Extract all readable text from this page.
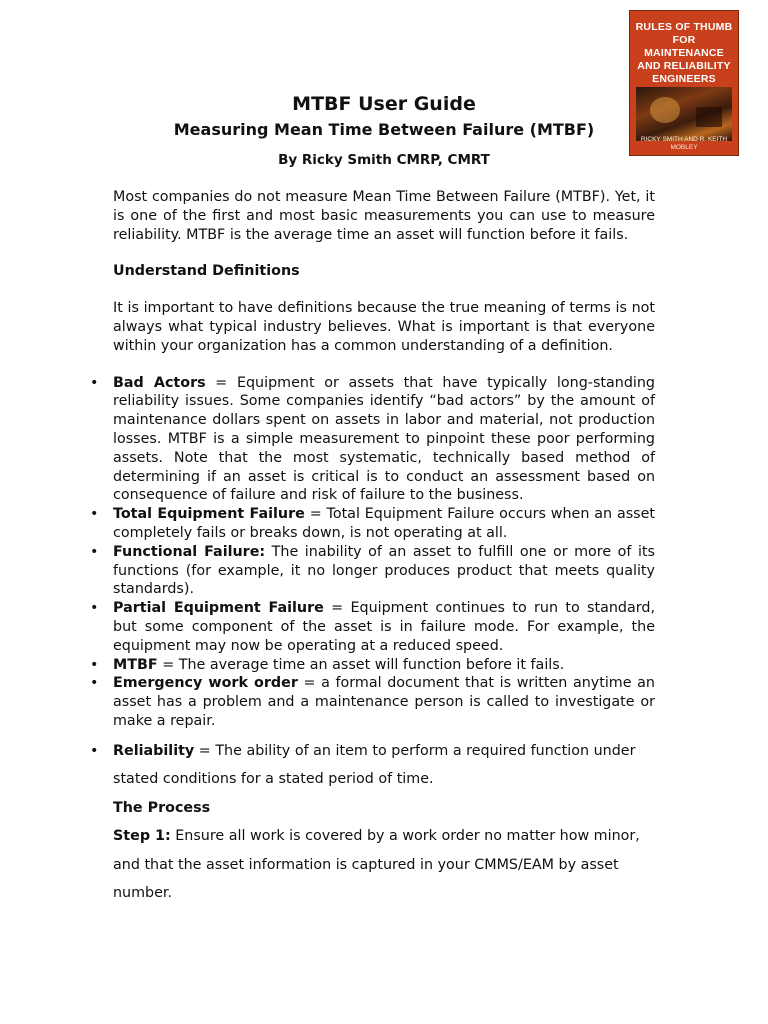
RULES OF THUMB FOR MAINTENANCE AND RELIABILITY ENGINEERS
RICKY SMITH AND R. KEITH MOBLEY
MTBF User Guide
Measuring Mean Time Between Failure (MTBF)
By Ricky Smith CMRP, CMRT

Most companies do not measure Mean Time Between Failure (MTBF). Yet, it is one of the first and most basic measurements you can use to measure reliability. MTBF is the average time an asset will function before it fails.

Understand Definitions

It is important to have definitions because the true meaning of terms is not always what typical industry believes. What is important is that everyone within your organization has a common understanding of a definition.

• Bad Actors = Equipment or assets that have typically long-standing reliability issues. Some companies identify “bad actors” by the amount of maintenance dollars spent on assets in labor and material, not production losses. MTBF is a simple measurement to pinpoint these poor performing assets. Note that the most systematic, technically based method of determining if an asset is critical is to conduct an assessment based on consequence of failure and risk of failure to the business.
• Total Equipment Failure = Total Equipment Failure occurs when an asset completely fails or breaks down, is not operating at all.
• Functional Failure: The inability of an asset to fulfill one or more of its functions (for example, it no longer produces product that meets quality standards).
• Partial Equipment Failure = Equipment continues to run to standard, but some component of the asset is in failure mode. For example, the equipment may now be operating at a reduced speed.
• MTBF = The average time an asset will function before it fails.
• Emergency work order = a formal document that is written anytime an asset has a problem and a maintenance person is called to investigate or make a repair.
• Reliability = The ability of an item to perform a required function under stated conditions for a stated period of time.

The Process

Step 1: Ensure all work is covered by a work order no matter how minor, and that the asset information is captured in your CMMS/EAM by asset number.
